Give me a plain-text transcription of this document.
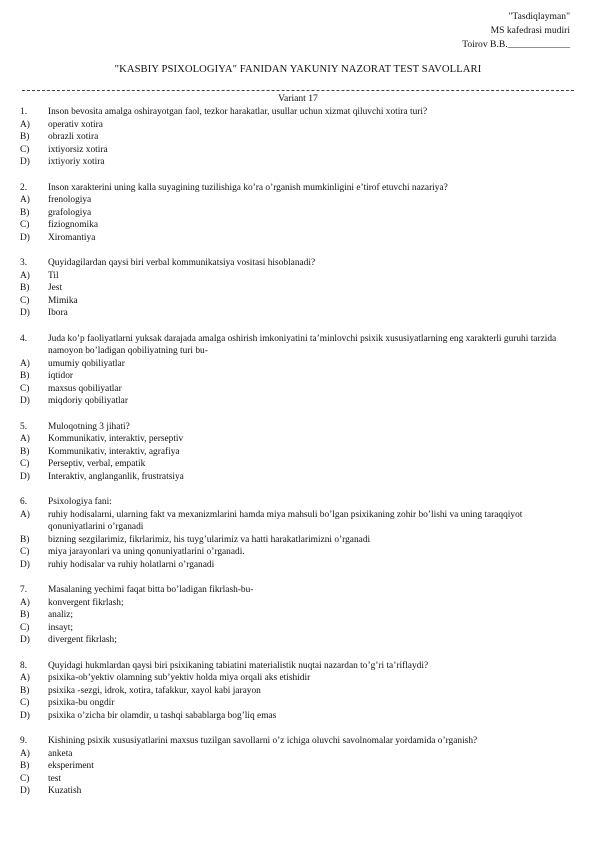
"Tasdiqlayman"
MS kafedrasi mudiri
Toirov B.B._____________
"KASBIY PSIXOLOGIYA" FANIDAN YAKUNIY NAZORAT TEST SAVOLLARI
Variant 17
1.	Inson bevosita amalga oshirayotgan faol, tezkor harakatlar, usullar uchun xizmat qiluvchi xotira turi?
A)	operativ xotira
B)	obrazli xotira
C)	ixtiyorsiz xotira
D)	ixtiyoriy xotira
2.	Inson xarakterini uning kalla suyagining tuzilishiga ko’ra o’rganish mumkinligini e’tirof etuvchi nazariya?
A)	frenologiya
B)	grafologiya
C)	fiziognomika
D)	Xiromantiya
3.	Quyidagilardan qaysi biri verbal kommunikatsiya vositasi hisoblanadi?
A)	Til
B)	Jest
C)	Mimika
D)	Ibora
4.	Juda ko’p faoliyatlarni yuksak darajada amalga oshirish imkoniyatini ta’minlovchi psixik xususiyatlarning eng xarakterli guruhi tarzida namoyon bo’ladigan qobiliyatning turi bu-
A)	umumiy qobiliyatlar
B)	iqtidor
C)	maxsus qobiliyatlar
D)	miqdoriy qobiliyatlar
5.	Muloqotning 3 jihati?
A)	Kommunikativ, interaktiv, perseptiv
B)	Kommunikativ, interaktiv, agrafiya
C)	Perseptiv, verbal, empatik
D)	Interaktiv, anglanganlik, frustratsiya
6.	Psixologiya fani:
A)	ruhiy hodisalarni, ularning fakt va mexanizmlarini hamda miya mahsuli bo’lgan psixikaning zohir bo’lishi va uning taraqqiyot qonuniyatlarini o’rganadi
B)	bizning sezgilarimiz, fikrlarimiz, his tuyg’ularimiz va hatti harakatlarimizni o’rganadi
C)	miya jarayonlari va uning qonuniyatlarini o’rganadi.
D)	ruhiy hodisalar va ruhiy holatlarni o’rganadi
7.	Masalaning yechimi faqat bitta bo’ladigan fikrlash-bu-
A)	konvergent fikrlash;
B)	analiz;
C)	insayt;
D)	divergent fikrlash;
8.	Quyidagi hukmlardan qaysi biri psixikaning tabiatini materialistik nuqtai nazardan to’g’ri ta’riflaydi?
A)	psixika-ob’yektiv olamning sub’yektiv holda miya orqali aks etishidir
B)	psixika -sezgi, idrok, xotira, tafakkur, xayol kabi jarayon
C)	psixika-bu ongdir
D)	psixika o’zicha bir olamdir, u tashqi sabablarga bog’liq emas
9.	Kishining psixik xususiyatlarini maxsus tuzilgan savollarni o’z ichiga oluvchi savolnomalar yordamida o’rganish?
A)	anketa
B)	eksperiment
C)	test
D)	Kuzatish
